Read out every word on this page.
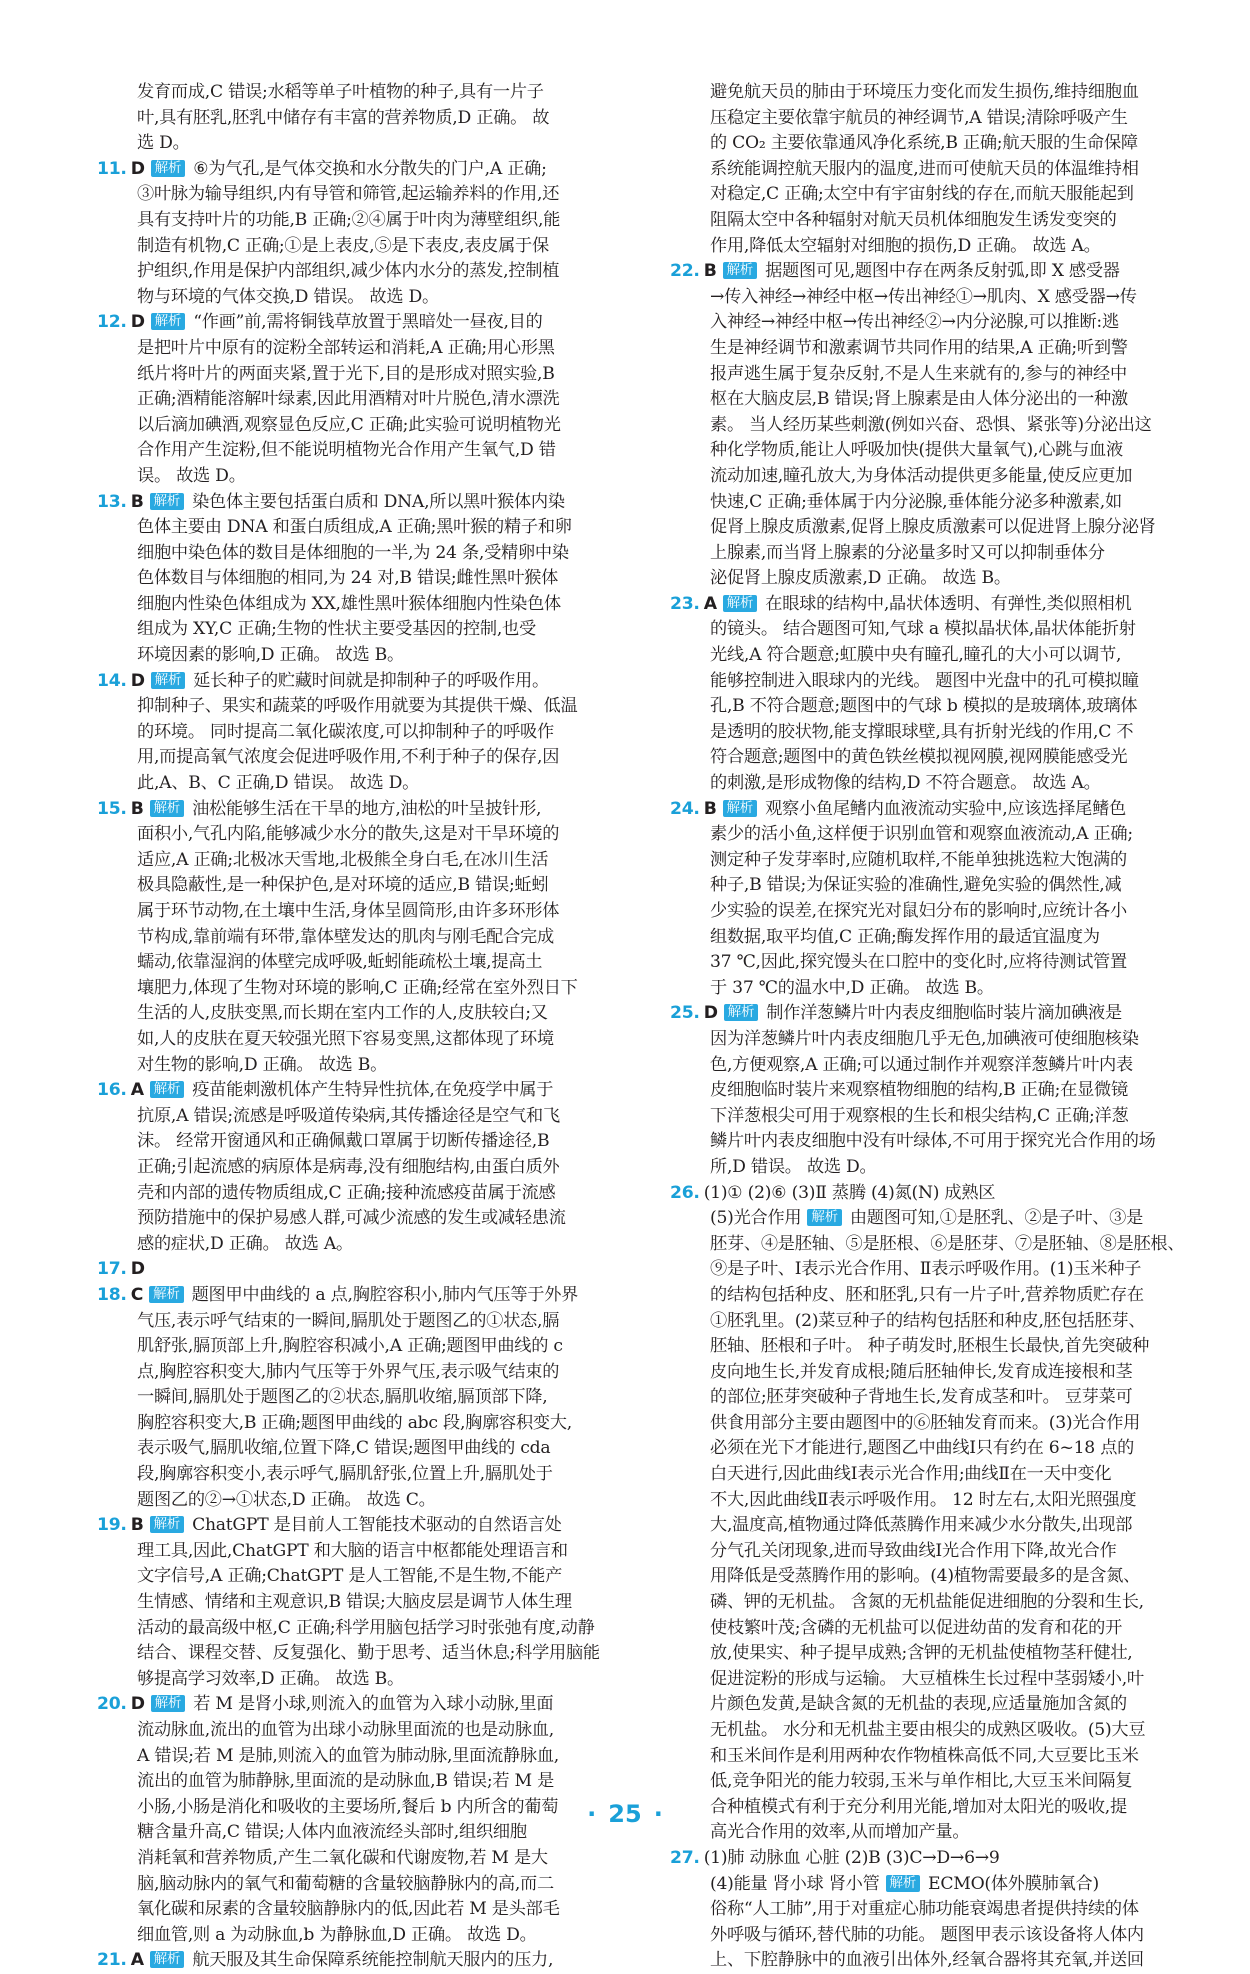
发育而成,C 错误;水稻等单子叶植物的种子,具有一片子
叶,具有胚乳,胚乳中储存有丰富的营养物质,D 正确。 故
选 D。
11. D 解析 ⑥为气孔,是气体交换和水分散失的门户,A 正确;
③叶脉为输导组织,内有导管和筛管,起运输养料的作用,还
具有支持叶片的功能,B 正确;②④属于叶肉为薄壁组织,能
制造有机物,C 正确;①是上表皮,⑤是下表皮,表皮属于保
护组织,作用是保护内部组织,减少体内水分的蒸发,控制植
物与环境的气体交换,D 错误。 故选 D。
12. D 解析 “作画”前,需将铜钱草放置于黑暗处一昼夜,目的
是把叶片中原有的淀粉全部转运和消耗,A 正确;用心形黑
纸片将叶片的两面夹紧,置于光下,目的是形成对照实验,B
正确;酒精能溶解叶绿素,因此用酒精对叶片脱色,清水漂洗
以后滴加碘酒,观察显色反应,C 正确;此实验可说明植物光
合作用产生淀粉,但不能说明植物光合作用产生氧气,D 错
误。 故选 D。
13. B 解析 染色体主要包括蛋白质和 DNA,所以黑叶猴体内染
色体主要由 DNA 和蛋白质组成,A 正确;黑叶猴的精子和卵
细胞中染色体的数目是体细胞的一半,为 24 条,受精卵中染
色体数目与体细胞的相同,为 24 对,B 错误;雌性黑叶猴体
细胞内性染色体组成为 XX,雄性黑叶猴体细胞内性染色体
组成为 XY,C 正确;生物的性状主要受基因的控制,也受
环境因素的影响,D 正确。 故选 B。
14. D 解析 延长种子的贮藏时间就是抑制种子的呼吸作用。
抑制种子、果实和蔬菜的呼吸作用就要为其提供干燥、低温
的环境。 同时提高二氧化碳浓度,可以抑制种子的呼吸作
用,而提高氧气浓度会促进呼吸作用,不利于种子的保存,因
此,A、B、C 正确,D 错误。 故选 D。
15. B 解析 油松能够生活在干旱的地方,油松的叶呈披针形,
面积小,气孔内陷,能够减少水分的散失,这是对干旱环境的
适应,A 正确;北极冰天雪地,北极熊全身白毛,在冰川生活
极具隐蔽性,是一种保护色,是对环境的适应,B 错误;蚯蚓
属于环节动物,在土壤中生活,身体呈圆筒形,由许多环形体
节构成,靠前端有环带,靠体壁发达的肌肉与刚毛配合完成
蠕动,依靠湿润的体壁完成呼吸,蚯蚓能疏松土壤,提高土
壤肥力,体现了生物对环境的影响,C 正确;经常在室外烈日下
生活的人,皮肤变黑,而长期在室内工作的人,皮肤较白;又
如,人的皮肤在夏天较强光照下容易变黑,这都体现了环境
对生物的影响,D 正确。 故选 B。
16. A 解析 疫苗能刺激机体产生特异性抗体,在免疫学中属于
抗原,A 错误;流感是呼吸道传染病,其传播途径是空气和飞
沫。 经常开窗通风和正确佩戴口罩属于切断传播途径,B
正确;引起流感的病原体是病毒,没有细胞结构,由蛋白质外
壳和内部的遗传物质组成,C 正确;接种流感疫苗属于流感
预防措施中的保护易感人群,可减少流感的发生或减轻患流
感的症状,D 正确。 故选 A。
17. D
18. C 解析 题图甲中曲线的 a 点,胸腔容积小,肺内气压等于外界
气压,表示呼气结束的一瞬间,膈肌处于题图乙的①状态,膈
肌舒张,膈顶部上升,胸腔容积减小,A 正确;题图甲曲线的 c
点,胸腔容积变大,肺内气压等于外界气压,表示吸气结束的
一瞬间,膈肌处于题图乙的②状态,膈肌收缩,膈顶部下降,
胸腔容积变大,B 正确;题图甲曲线的 abc 段,胸廓容积变大,
表示吸气,膈肌收缩,位置下降,C 错误;题图甲曲线的 cda
段,胸廓容积变小,表示呼气,膈肌舒张,位置上升,膈肌处于
题图乙的②→①状态,D 正确。 故选 C。
19. B 解析 ChatGPT 是目前人工智能技术驱动的自然语言处
理工具,因此,ChatGPT 和大脑的语言中枢都能处理语言和
文字信号,A 正确;ChatGPT 是人工智能,不是生物,不能产
生情感、情绪和主观意识,B 错误;大脑皮层是调节人体生理
活动的最高级中枢,C 正确;科学用脑包括学习时张弛有度,动静
结合、课程交替、反复强化、勤于思考、适当休息;科学用脑能
够提高学习效率,D 正确。 故选 B。
20. D 解析 若 M 是肾小球,则流入的血管为入球小动脉,里面
流动脉血,流出的血管为出球小动脉里面流的也是动脉血,
A 错误;若 M 是肺,则流入的血管为肺动脉,里面流静脉血,
流出的血管为肺静脉,里面流的是动脉血,B 错误;若 M 是
小肠,小肠是消化和吸收的主要场所,餐后 b 内所含的葡萄
糖含量升高,C 错误;人体内血液流经头部时,组织细胞
消耗氧和营养物质,产生二氧化碳和代谢废物,若 M 是大
脑,脑动脉内的氧气和葡萄糖的含量较脑静脉内的高,而二
氧化碳和尿素的含量较脑静脉内的低,因此若 M 是头部毛
细血管,则 a 为动脉血,b 为静脉血,D 正确。 故选 D。
21. A 解析 航天服及其生命保障系统能控制航天服内的压力,
避免航天员的肺由于环境压力变化而发生损伤,维持细胞血
压稳定主要依靠宇航员的神经调节,A 错误;清除呼吸产生
的 CO₂ 主要依靠通风净化系统,B 正确;航天服的生命保障
系统能调控航天服内的温度,进而可使航天员的体温维持相
对稳定,C 正确;太空中有宇宙射线的存在,而航天服能起到
阻隔太空中各种辐射对航天员机体细胞发生诱发变突的
作用,降低太空辐射对细胞的损伤,D 正确。 故选 A。
22. B 解析 据题图可见,题图中存在两条反射弧,即 X 感受器
→传入神经→神经中枢→传出神经①→肌肉、X 感受器→传
入神经→神经中枢→传出神经②→内分泌腺,可以推断:逃
生是神经调节和激素调节共同作用的结果,A 正确;听到警
报声逃生属于复杂反射,不是人生来就有的,参与的神经中
枢在大脑皮层,B 错误;肾上腺素是由人体分泌出的一种激
素。 当人经历某些刺激(例如兴奋、恐惧、紧张等)分泌出这
种化学物质,能让人呼吸加快(提供大量氧气),心跳与血液
流动加速,瞳孔放大,为身体活动提供更多能量,使反应更加
快速,C 正确;垂体属于内分泌腺,垂体能分泌多种激素,如
促肾上腺皮质激素,促肾上腺皮质激素可以促进肾上腺分泌肾
上腺素,而当肾上腺素的分泌量多时又可以抑制垂体分
泌促肾上腺皮质激素,D 正确。 故选 B。
23. A 解析 在眼球的结构中,晶状体透明、有弹性,类似照相机
的镜头。 结合题图可知,气球 a 模拟晶状体,晶状体能折射
光线,A 符合题意;虹膜中央有瞳孔,瞳孔的大小可以调节,
能够控制进入眼球内的光线。 题图中光盘中的孔可模拟瞳
孔,B 不符合题意;题图中的气球 b 模拟的是玻璃体,玻璃体
是透明的胶状物,能支撑眼球壁,具有折射光线的作用,C 不
符合题意;题图中的黄色铁丝模拟视网膜,视网膜能感受光
的刺激,是形成物像的结构,D 不符合题意。 故选 A。
24. B 解析 观察小鱼尾鳍内血液流动实验中,应该选择尾鳍色
素少的活小鱼,这样便于识别血管和观察血液流动,A 正确;
测定种子发芽率时,应随机取样,不能单独挑选粒大饱满的
种子,B 错误;为保证实验的准确性,避免实验的偶然性,减
少实验的误差,在探究光对鼠妇分布的影响时,应统计各小
组数据,取平均值,C 正确;酶发挥作用的最适宜温度为
37 ℃,因此,探究馒头在口腔中的变化时,应将待测试管置
于 37 ℃的温水中,D 正确。 故选 B。
25. D 解析 制作洋葱鳞片叶内表皮细胞临时装片滴加碘液是
因为洋葱鳞片叶内表皮细胞几乎无色,加碘液可使细胞核染
色,方便观察,A 正确;可以通过制作并观察洋葱鳞片叶内表
皮细胞临时装片来观察植物细胞的结构,B 正确;在显微镜
下洋葱根尖可用于观察根的生长和根尖结构,C 正确;洋葱
鳞片叶内表皮细胞中没有叶绿体,不可用于探究光合作用的场
所,D 错误。 故选 D。
26. (1)① (2)⑥ (3)Ⅱ 蒸腾 (4)氮(N) 成熟区
(5)光合作用 解析 由题图可知,①是胚乳、②是子叶、③是
胚芽、④是胚轴、⑤是胚根、⑥是胚芽、⑦是胚轴、⑧是胚根、
⑨是子叶、Ⅰ表示光合作用、Ⅱ表示呼吸作用。(1)玉米种子
的结构包括种皮、胚和胚乳,只有一片子叶,营养物质贮存在
①胚乳里。(2)菜豆种子的结构包括胚和种皮,胚包括胚芽、
胚轴、胚根和子叶。 种子萌发时,胚根生长最快,首先突破种
皮向地生长,并发育成根;随后胚轴伸长,发育成连接根和茎
的部位;胚芽突破种子背地生长,发育成茎和叶。 豆芽菜可
供食用部分主要由题图中的⑥胚轴发育而来。(3)光合作用
必须在光下才能进行,题图乙中曲线Ⅰ只有约在 6~18 点的
白天进行,因此曲线Ⅰ表示光合作用;曲线Ⅱ在一天中变化
不大,因此曲线Ⅱ表示呼吸作用。 12 时左右,太阳光照强度
大,温度高,植物通过降低蒸腾作用来减少水分散失,出现部
分气孔关闭现象,进而导致曲线Ⅰ光合作用下降,故光合作
用降低是受蒸腾作用的影响。(4)植物需要最多的是含氮、
磷、钾的无机盐。 含氮的无机盐能促进细胞的分裂和生长,
使枝繁叶茂;含磷的无机盐可以促进幼苗的发育和花的开
放,使果实、种子提早成熟;含钾的无机盐使植物茎秆健壮,
促进淀粉的形成与运输。 大豆植株生长过程中茎弱矮小,叶
片颜色发黄,是缺含氮的无机盐的表现,应适量施加含氮的
无机盐。 水分和无机盐主要由根尖的成熟区吸收。(5)大豆
和玉米间作是利用两种农作物植株高低不同,大豆要比玉米
低,竞争阳光的能力较弱,玉米与单作相比,大豆玉米间隔复
合种植模式有利于充分利用光能,增加对太阳光的吸收,提
高光合作用的效率,从而增加产量。
27. (1)肺 动脉血 心脏 (2)B (3)C→D→6→9
(4)能量 肾小球 肾小管 解析 ECMO(体外膜肺氧合)
俗称“人工肺”,用于对重症心肺功能衰竭患者提供持续的体
外呼吸与循环,替代肺的功能。 题图甲表示该设备将人体内
上、下腔静脉中的血液引出体外,经氧合器将其充氧,并送回
· 25 ·
